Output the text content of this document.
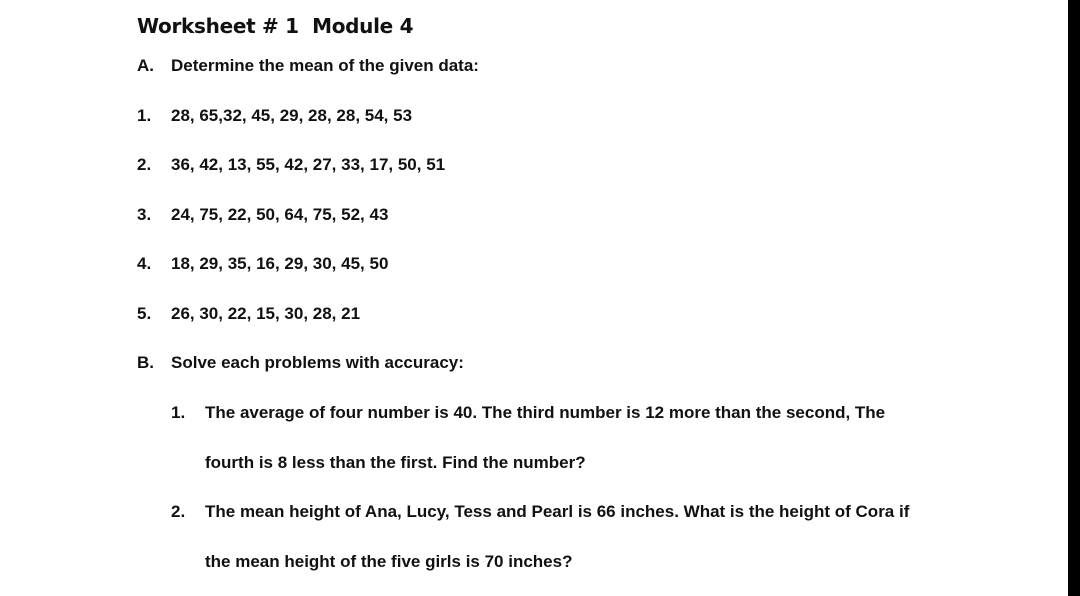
Worksheet # 1  Module 4
A. Determine the mean of the given data:
1. 28, 65,32, 45, 29, 28, 28, 54, 53
2. 36, 42, 13, 55, 42, 27, 33, 17, 50, 51
3. 24, 75, 22, 50, 64, 75, 52, 43
4. 18, 29, 35, 16, 29, 30, 45, 50
5. 26, 30, 22, 15, 30, 28, 21
B. Solve each problems with accuracy:
1. The average of four number is 40. The third number is 12 more than the second, The
fourth is 8 less than the first. Find the number?
2. The mean height of Ana, Lucy, Tess and Pearl is 66 inches. What is the height of Cora if
the mean height of the five girls is 70 inches?
